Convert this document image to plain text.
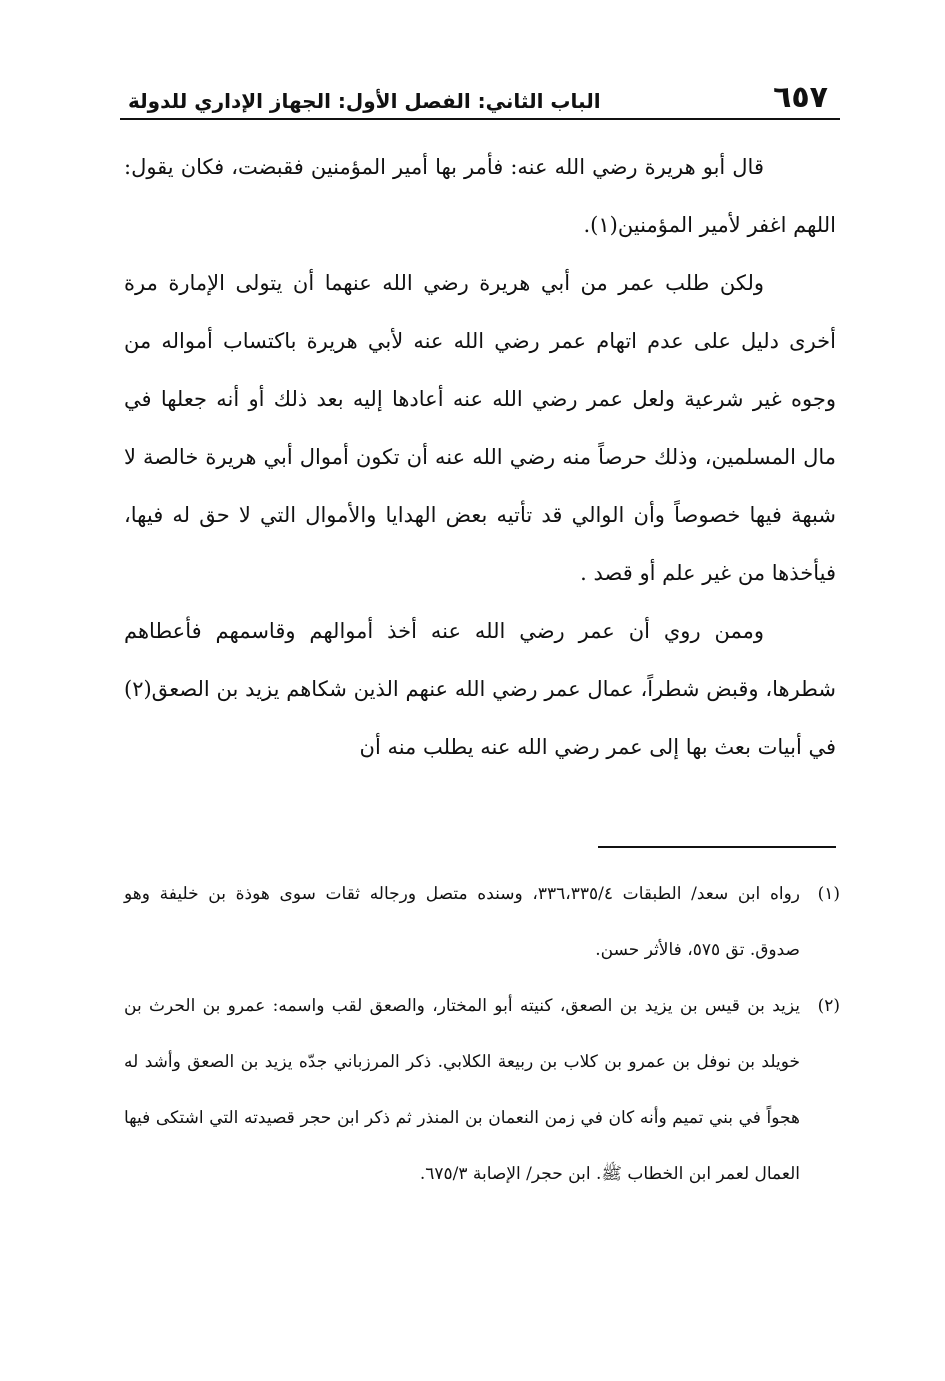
٦٥٧
الباب الثاني: الفصل الأول: الجهاز الإداري للدولة

قال أبو هريرة رضي الله عنه: فأمر بها أمير المؤمنين فقبضت، فكان يقول: اللهم اغفر لأمير المؤمنين(١).

ولكن طلب عمر من أبي هريرة رضي الله عنهما أن يتولى الإمارة مرة أخرى دليل على عدم اتهام عمر رضي الله عنه لأبي هريرة باكتساب أمواله من وجوه غير شرعية ولعل عمر رضي الله عنه أعادها إليه بعد ذلك أو أنه جعلها في مال المسلمين، وذلك حرصاً منه رضي الله عنه أن تكون أموال أبي هريرة خالصة لا شبهة فيها خصوصاً وأن الوالي قد تأتيه بعض الهدايا والأموال التي لا حق له فيها، فيأخذها من غير علم أو قصد .

وممن روي أن عمر رضي الله عنه أخذ أموالهم وقاسمهم فأعطاهم شطرها، وقبض شطراً، عمال عمر رضي الله عنهم الذين شكاهم يزيد بن الصعق(٢) في أبيات بعث بها إلى عمر رضي الله عنه يطلب منه أن

(١)

رواه ابن سعد/ الطبقات ٣٣٦،٣٣٥/٤، وسنده متصل ورجاله ثقات سوى هوذة بن خليفة وهو صدوق. تق ٥٧٥، فالأثر حسن.

(٢)

يزيد بن قيس بن يزيد بن الصعق، كنيته أبو المختار، والصعق لقب واسمه: عمرو بن الحرث بن خويلد بن نوفل بن عمرو بن كلاب بن ربيعة الكلابي. ذكر المرزباني جدّه يزيد بن الصعق وأشد له هجواً في بني تميم وأنه كان في زمن النعمان بن المنذر ثم ذكر ابن حجر قصيدته التي اشتكى فيها العمال لعمر ابن الخطاب ﷺ. ابن حجر/ الإصابة ٦٧٥/٣.
